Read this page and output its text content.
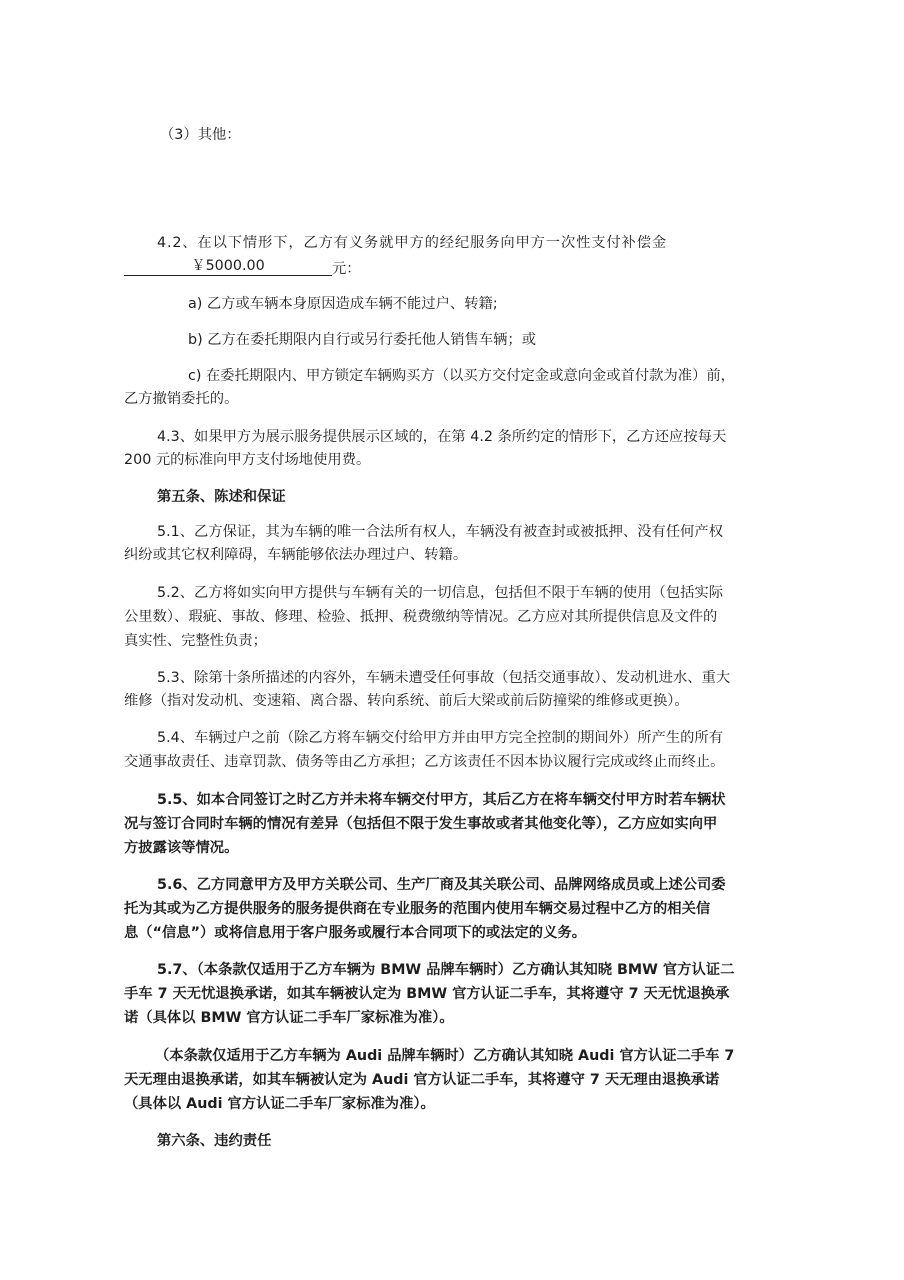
（3）其他：
4.2、在以下情形下，乙方有义务就甲方的经纪服务向甲方一次性支付补偿金
￥5000.00	元：
a) 乙方或车辆本身原因造成车辆不能过户、转籍;
b) 乙方在委托期限内自行或另行委托他人销售车辆；或
c) 在委托期限内、甲方锁定车辆购买方（以买方交付定金或意向金或首付款为准）前，
乙方撤销委托的。
4.3、如果甲方为展示服务提供展示区域的，在第 4.2 条所约定的情形下，乙方还应按每天
200 元的标准向甲方支付场地使用费。
第五条、陈述和保证
5.1、乙方保证，其为车辆的唯一合法所有权人，车辆没有被查封或被抵押、没有任何产权
纠纷或其它权利障碍，车辆能够依法办理过户、转籍。
5.2、乙方将如实向甲方提供与车辆有关的一切信息，包括但不限于车辆的使用（包括实际
公里数）、瑕疵、事故、修理、检验、抵押、税费缴纳等情况。乙方应对其所提供信息及文件的
真实性、完整性负责；
5.3、除第十条所描述的内容外，车辆未遭受任何事故（包括交通事故）、发动机进水、重大
维修（指对发动机、变速箱、离合器、转向系统、前后大梁或前后防撞梁的维修或更换）。
5.4、车辆过户之前（除乙方将车辆交付给甲方并由甲方完全控制的期间外）所产生的所有
交通事故责任、违章罚款、债务等由乙方承担；乙方该责任不因本协议履行完成或终止而终止。
5.5、如本合同签订之时乙方并未将车辆交付甲方，其后乙方在将车辆交付甲方时若车辆状
况与签订合同时车辆的情况有差异（包括但不限于发生事故或者其他变化等），乙方应如实向甲
方披露该等情况。
5.6、乙方同意甲方及甲方关联公司、生产厂商及其关联公司、品牌网络成员或上述公司委
托为其或为乙方提供服务的服务提供商在专业服务的范围内使用车辆交易过程中乙方的相关信
息（“信息”）或将信息用于客户服务或履行本合同项下的或法定的义务。
5.7、（本条款仅适用于乙方车辆为 BMW 品牌车辆时）乙方确认其知晓 BMW 官方认证二
手车 7 天无忧退换承诺，如其车辆被认定为 BMW 官方认证二手车，其将遵守 7 天无忧退换承
诺（具体以 BMW 官方认证二手车厂家标准为准）。
（本条款仅适用于乙方车辆为 Audi 品牌车辆时）乙方确认其知晓 Audi 官方认证二手车 7
天无理由退换承诺，如其车辆被认定为 Audi 官方认证二手车，其将遵守 7 天无理由退换承诺
（具体以 Audi 官方认证二手车厂家标准为准）。
第六条、违约责任
